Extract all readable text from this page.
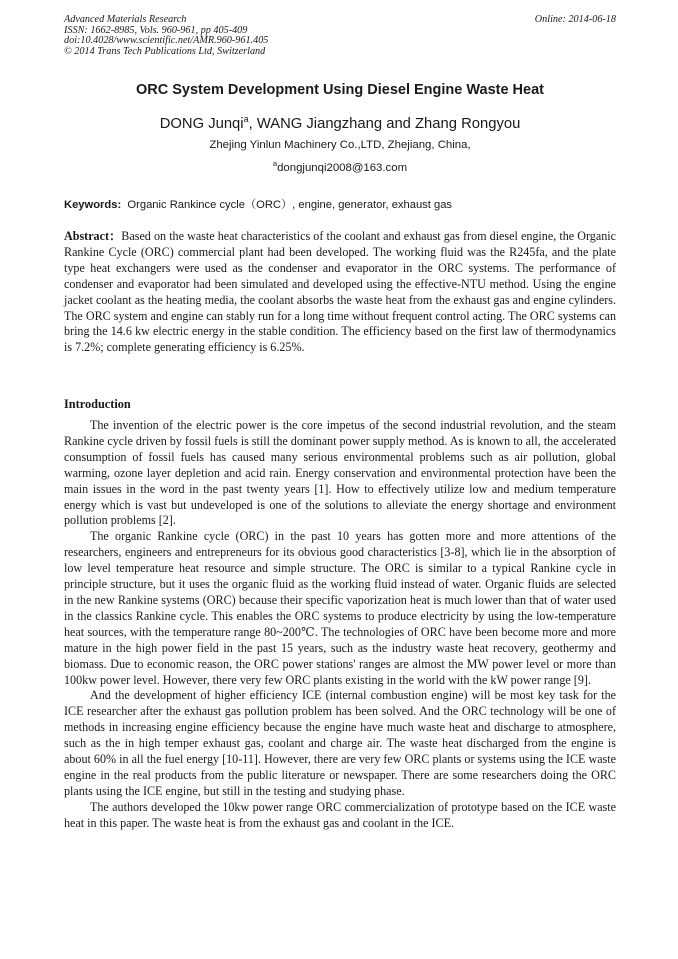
Advanced Materials Research
ISSN: 1662-8985, Vols. 960-961, pp 405-409
doi:10.4028/www.scientific.net/AMR.960-961.405
© 2014 Trans Tech Publications Ltd, Switzerland
Online: 2014-06-18
ORC System Development Using Diesel Engine Waste Heat
DONG Junqi$^a$, WANG Jiangzhang and Zhang Rongyou
Zhejing Yinlun Machinery Co.,LTD, Zhejiang, China,
$^a$dongjunqi2008@163.com
Keywords: Organic Rankince cycle（ORC）, engine, generator, exhaust gas
Abstract：Based on the waste heat characteristics of the coolant and exhaust gas from diesel engine, the Organic Rankine Cycle (ORC) commercial plant had been developed. The working fluid was the R245fa, and the plate type heat exchangers were used as the condenser and evaporator in the ORC systems. The performance of condenser and evaporator had been simulated and developed using the effective-NTU method. Using the engine jacket coolant as the heating media, the coolant absorbs the waste heat from the exhaust gas and engine cylinders. The ORC system and engine can stably run for a long time without frequent control acting. The ORC systems can bring the 14.6 kw electric energy in the stable condition. The efficiency based on the first law of thermodynamics is 7.2%; complete generating efficiency is 6.25%.
Introduction

The invention of the electric power is the core impetus of the second industrial revolution, and the steam Rankine cycle driven by fossil fuels is still the dominant power supply method. As is known to all, the accelerated consumption of fossil fuels has caused many serious environmental problems such as air pollution, global warming, ozone layer depletion and acid rain. Energy conservation and environmental protection have been the main issues in the word in the past twenty years [1]. How to effectively utilize low and medium temperature energy which is vast but undeveloped is one of the solutions to alleviate the energy shortage and environment pollution problems [2].

The organic Rankine cycle (ORC) in the past 10 years has gotten more and more attentions of the researchers, engineers and entrepreneurs for its obvious good characteristics [3-8], which lie in the absorption of low level temperature heat resource and simple structure. The ORC is similar to a typical Rankine cycle in principle structure, but it uses the organic fluid as the working fluid instead of water. Organic fluids are selected in the new Rankine systems (ORC) because their specific vaporization heat is much lower than that of water used in the classics Rankine cycle. This enables the ORC systems to produce electricity by using the low-temperature heat sources, with the temperature range 80~200℃. The technologies of ORC have been become more and more mature in the high power field in the past 15 years, such as the industry waste heat recovery, geothermy and biomass. Due to economic reason, the ORC power stations' ranges are almost the MW power level or more than 100kw power level. However, there very few ORC plants existing in the world with the kW power range [9].

And the development of higher efficiency ICE (internal combustion engine) will be most key task for the ICE researcher after the exhaust gas pollution problem has been solved. And the ORC technology will be one of methods in increasing engine efficiency because the engine have much waste heat and discharge to atmosphere, such as the in high temper exhaust gas, coolant and charge air. The waste heat discharged from the engine is about 60% in all the fuel energy [10-11]. However, there are very few ORC plants or systems using the ICE waste engine in the real products from the public literature or newspaper. There are some researchers doing the ORC plants using the ICE engine, but still in the testing and studying phase.

The authors developed the 10kw power range ORC commercialization of prototype based on the ICE waste heat in this paper. The waste heat is from the exhaust gas and coolant in the ICE.
